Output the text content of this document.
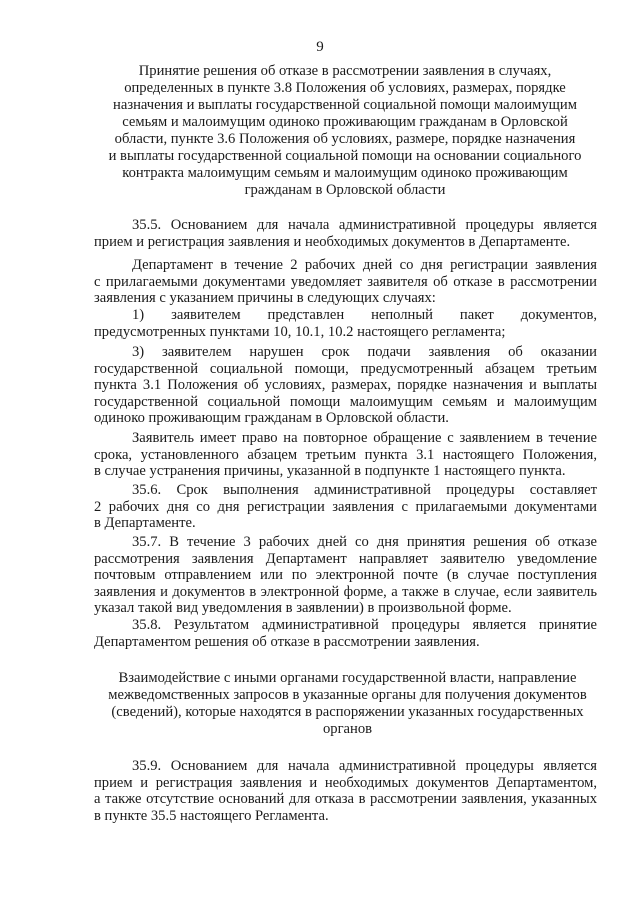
9
Принятие решения об отказе в рассмотрении заявления в случаях,
определенных в пункте 3.8 Положения об условиях, размерах, порядке
назначения и выплаты государственной социальной помощи малоимущим
семьям и малоимущим одиноко проживающим гражданам в Орловской
области, пункте 3.6 Положения об условиях, размере, порядке назначения
и выплаты государственной социальной помощи на основании социального
контракта малоимущим семьям и малоимущим одиноко проживающим
гражданам в Орловской области
35.5. Основанием для начала административной процедуры является
прием и регистрация заявления и необходимых документов в Департаменте.
Департамент в течение 2 рабочих дней со дня регистрации заявления
с прилагаемыми документами уведомляет заявителя об отказе в рассмотрении
заявления с указанием причины в следующих случаях:
1) заявителем представлен неполный пакет документов,
предусмотренных пунктами 10, 10.1, 10.2 настоящего регламента;
3) заявителем нарушен срок подачи заявления об оказании
государственной социальной помощи, предусмотренный абзацем третьим
пункта 3.1 Положения об условиях, размерах, порядке назначения и выплаты
государственной социальной помощи малоимущим семьям и малоимущим
одиноко проживающим гражданам в Орловской области.
Заявитель имеет право на повторное обращение с заявлением в течение
срока, установленного абзацем третьим пункта 3.1 настоящего Положения,
в случае устранения причины, указанной в подпункте 1 настоящего пункта.
35.6. Срок выполнения административной процедуры составляет
2 рабочих дня со дня регистрации заявления с прилагаемыми документами
в Департаменте.
35.7. В течение 3 рабочих дней со дня принятия решения об отказе
рассмотрения заявления Департамент направляет заявителю уведомление
почтовым отправлением или по электронной почте (в случае поступления
заявления и документов в электронной форме, а также в случае, если заявитель
указал такой вид уведомления в заявлении) в произвольной форме.
35.8. Результатом административной процедуры является принятие
Департаментом решения об отказе в рассмотрении заявления.
Взаимодействие с иными органами государственной власти, направление
межведомственных запросов в указанные органы для получения документов
(сведений), которые находятся в распоряжении указанных государственных
органов
35.9. Основанием для начала административной процедуры является
прием и регистрация заявления и необходимых документов Департаментом,
а также отсутствие оснований для отказа в рассмотрении заявления, указанных
в пункте 35.5 настоящего Регламента.
